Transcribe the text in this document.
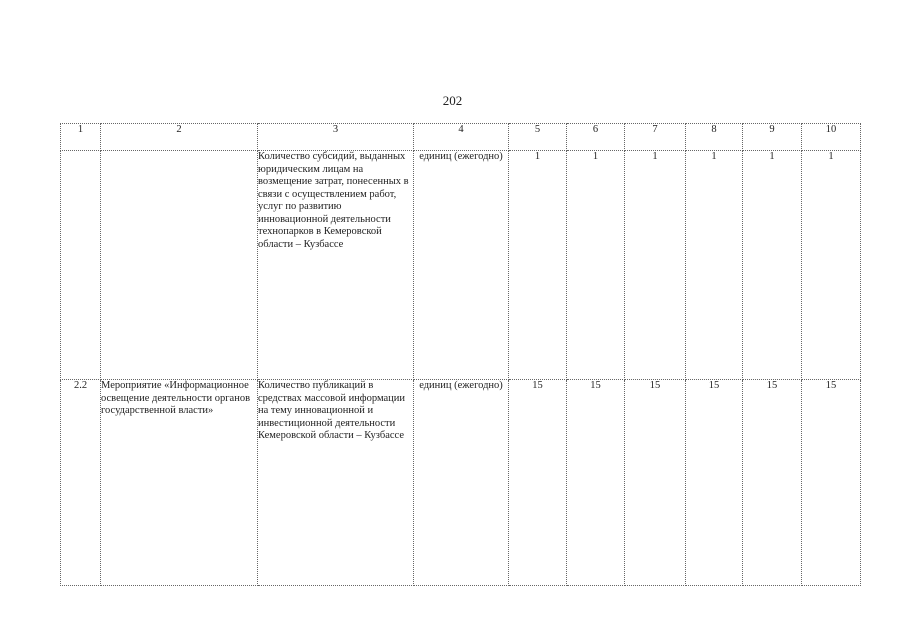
202
1	2	3	4	5	6	7	8	9	10
		Количество субсидий, выданных юридическим лицам на возмещение затрат, понесенных в связи с осуществлением работ, услуг по развитию инновационной деятельности технопарков в Кемеровской области – Кузбассе	единиц (ежегодно)	1	1	1	1	1	1
2.2	Мероприятие «Информационное освещение деятельности органов государственной власти»	Количество публикаций в средствах массовой информации на тему инновационной и инвестиционной деятельности Кемеровской области – Кузбассе	единиц (ежегодно)	15	15	15	15	15	15
